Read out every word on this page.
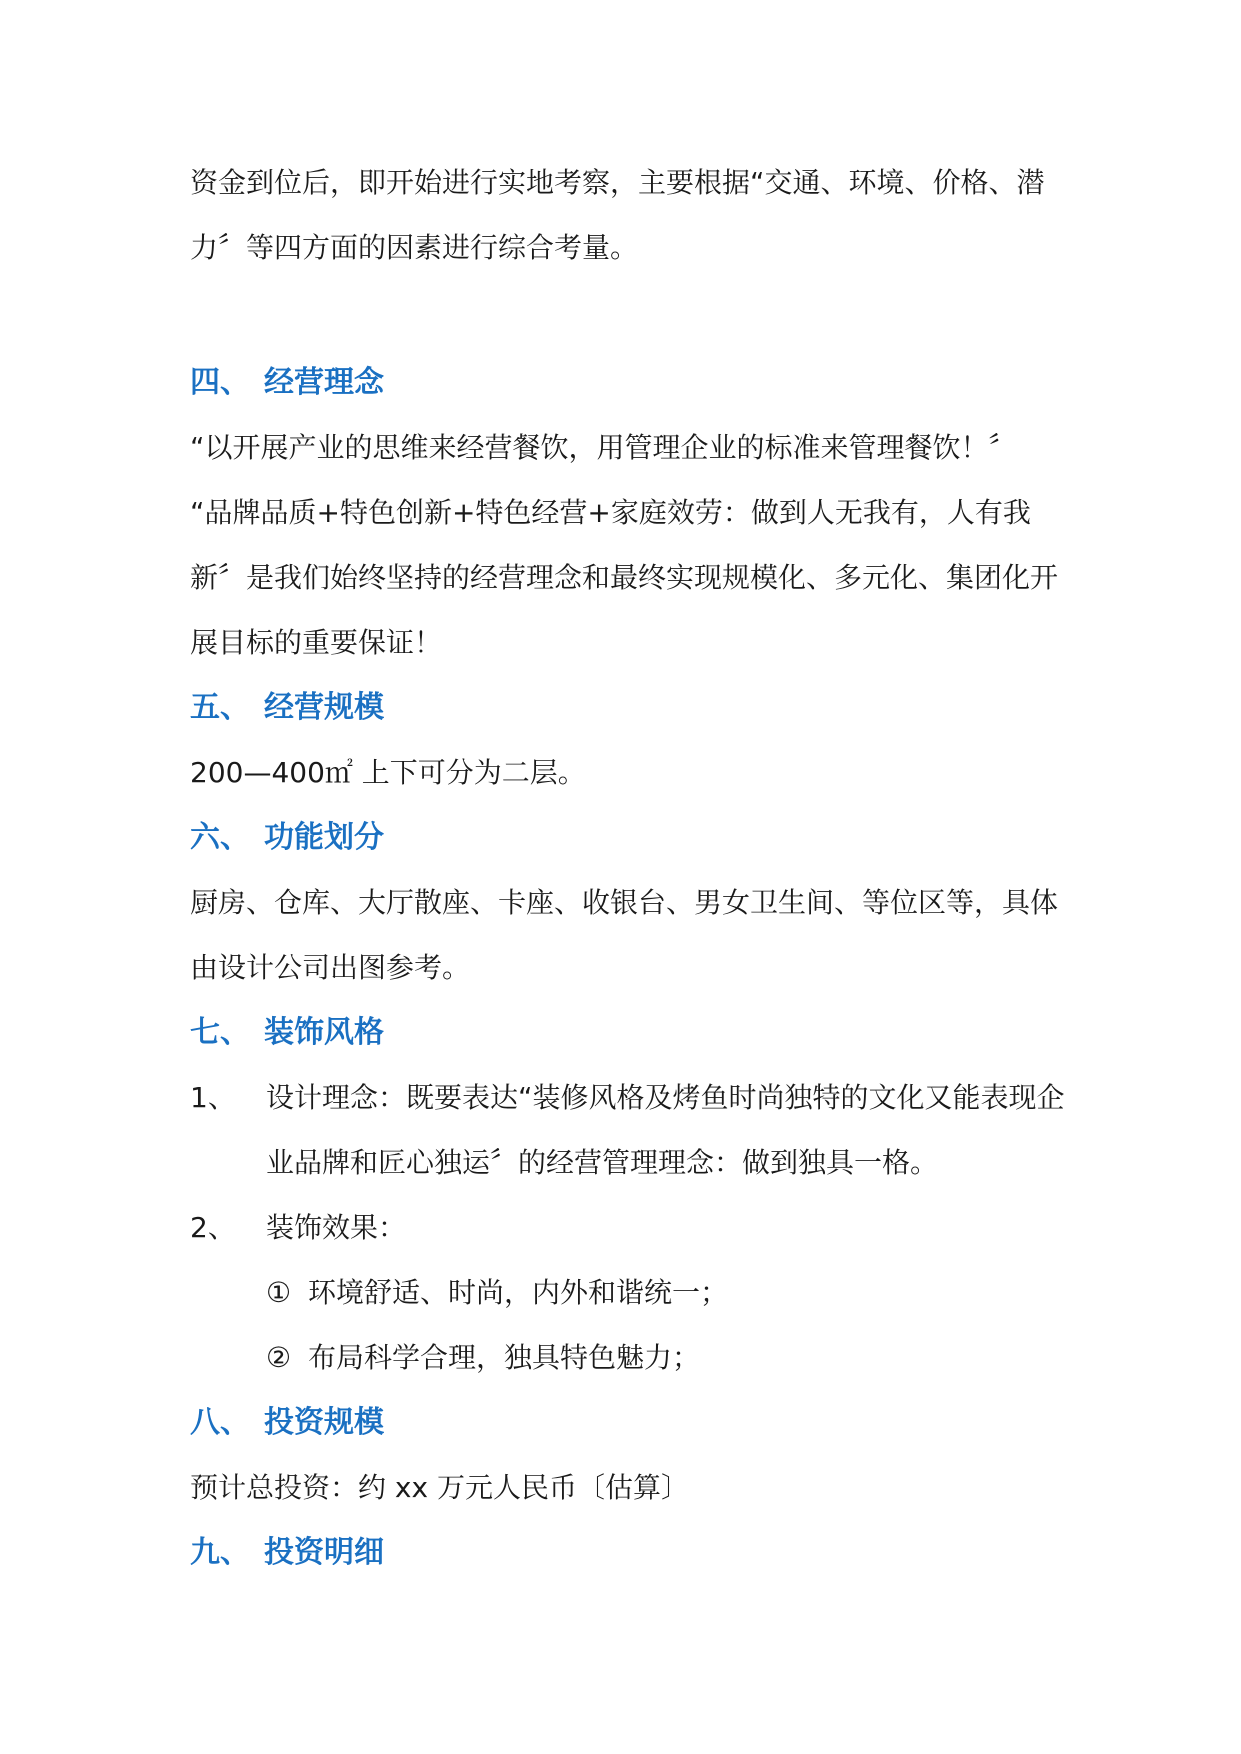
资金到位后，即开始进行实地考察，主要根据“交通、环境、价格、潜力〞等四方面的因素进行综合考量。

四、 经营理念

“以开展产业的思维来经营餐饮，用管理企业的标准来管理餐饮！〞

“品牌品质+特色创新+特色经营+家庭效劳：做到人无我有，人有我新〞是我们始终坚持的经营理念和最终实现规模化、多元化、集团化开展目标的重要保证！

五、 经营规模

200—400㎡ 上下可分为二层。

六、 功能划分

厨房、仓库、大厅散座、卡座、收银台、男女卫生间、等位区等，具体由设计公司出图参考。

七、 装饰风格
1、	设计理念：既要表达“装修风格及烤鱼时尚独特的文化又能表现企业品牌和匠心独运〞的经营管理理念：做到独具一格。
2、	装饰效果：
① 环境舒适、时尚，内外和谐统一；
② 布局科学合理，独具特色魅力；
八、 投资规模

预计总投资：约 xx 万元人民币〔估算〕

九、 投资明细
